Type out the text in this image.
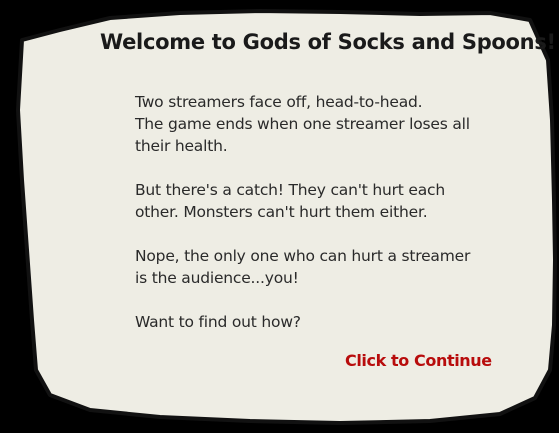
Welcome to Gods of Socks and Spoons!

Two streamers face off, head-to-head.
The game ends when one streamer loses all
their health.

But there's a catch! They can't hurt each
other. Monsters can't hurt them either.

Nope, the only one who can hurt a streamer
is the audience...you!

Want to find out how?

Click to Continue
